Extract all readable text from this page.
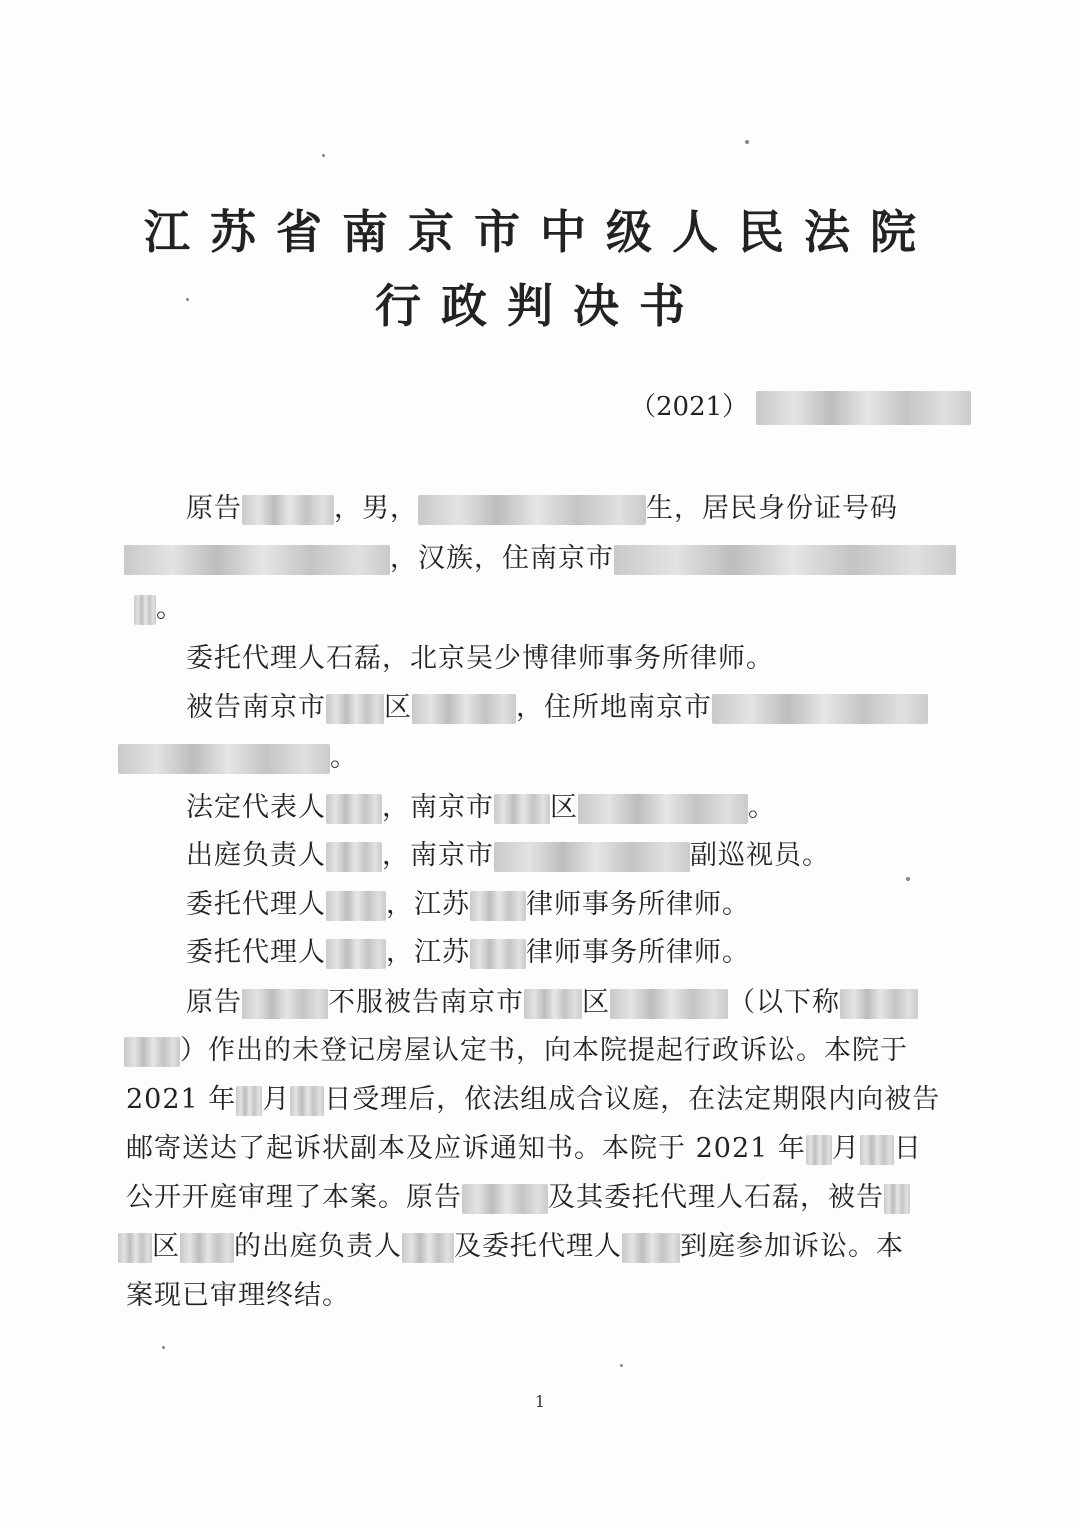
江苏省南京市中级人民法院
行政判决书
（2021）
原告	，男，	生，居民身份证号码
，汉族，住南京市
。
委托代理人石磊，北京吴少博律师事务所律师。
被告南京市 区	，住所地南京市
。
法定代表人 ，南京市 区	。
出庭负责人 ，南京市	副巡视员。
委托代理人 ，江苏 律师事务所律师。
委托代理人 ，江苏 律师事务所律师。
原告	不服被告南京市 区	（以下称
）作出的未登记房屋认定书，向本院提起行政诉讼。本院于
2021 年 月 日受理后，依法组成合议庭，在法定期限内向被告
邮寄送达了起诉状副本及应诉通知书。本院于 2021 年 月 日
公开开庭审理了本案。原告	及其委托代理人石磊，被告
区 的出庭负责人 及委托代理人 到庭参加诉讼。本
案现已审理终结。
1
